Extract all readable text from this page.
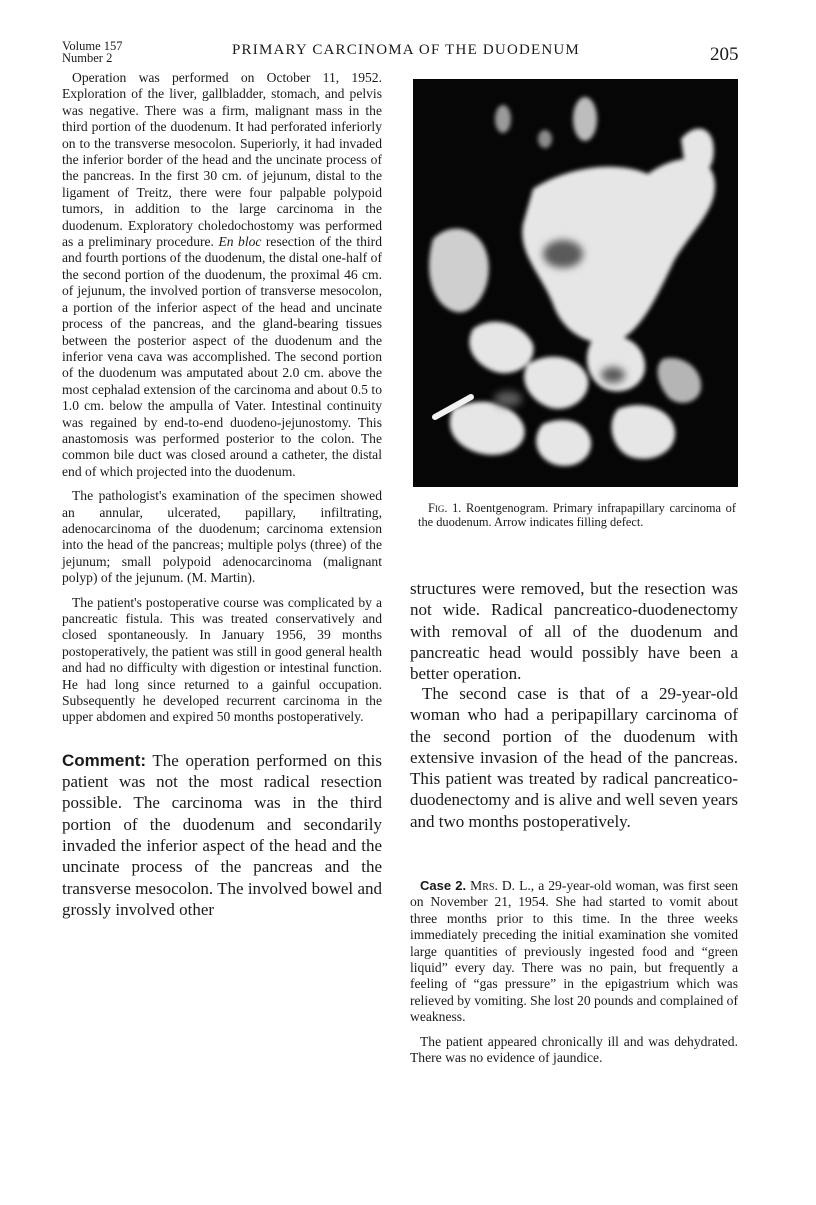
Volume 157
Number 2	PRIMARY CARCINOMA OF THE DUODENUM	205

Operation was performed on October 11, 1952. Exploration of the liver, gallbladder, stomach, and pelvis was negative. There was a firm, malignant mass in the third portion of the duodenum. It had perforated inferiorly on to the transverse mesocolon. Superiorly, it had invaded the inferior border of the head and the uncinate process of the pancreas. In the first 30 cm. of jejunum, distal to the ligament of Treitz, there were four palpable polypoid tumors, in addition to the large carcinoma in the duodenum. Exploratory choledochostomy was performed as a preliminary procedure. En bloc resection of the third and fourth portions of the duodenum, the distal one-half of the second portion of the duodenum, the proximal 46 cm. of jejunum, the involved portion of transverse mesocolon, a portion of the inferior aspect of the head and uncinate process of the pancreas, and the gland-bearing tissues between the posterior aspect of the duodenum and the inferior vena cava was accomplished. The second portion of the duodenum was amputated about 2.0 cm. above the most cephalad extension of the carcinoma and about 0.5 to 1.0 cm. below the ampulla of Vater. Intestinal continuity was regained by end-to-end duodeno-jejunostomy. This anastomosis was performed posterior to the colon. The common bile duct was closed around a catheter, the distal end of which projected into the duodenum.

The pathologist's examination of the specimen showed an annular, ulcerated, papillary, infiltrating, adenocarcinoma of the duodenum; carcinoma extension into the head of the pancreas; multiple polys (three) of the jejunum; small polypoid adenocarcinoma (malignant polyp) of the jejunum. (M. Martin).

The patient's postoperative course was complicated by a pancreatic fistula. This was treated conservatively and closed spontaneously. In January 1956, 39 months postoperatively, the patient was still in good general health and had no difficulty with digestion or intestinal function. He had long since returned to a gainful occupation. Subsequently he developed recurrent carcinoma in the upper abdomen and expired 50 months postoperatively.

Comment: The operation performed on this patient was not the most radical resection possible. The carcinoma was in the third portion of the duodenum and secondarily invaded the inferior aspect of the head and the uncinate process of the pancreas and the transverse mesocolon. The involved bowel and grossly involved other

Fig. 1. Roentgenogram. Primary infrapapillary carcinoma of the duodenum. Arrow indicates filling defect.

structures were removed, but the resection was not wide. Radical pancreatico-duodenectomy with removal of all of the duodenum and pancreatic head would possibly have been a better operation.

The second case is that of a 29-year-old woman who had a peripapillary carcinoma of the second portion of the duodenum with extensive invasion of the head of the pancreas. This patient was treated by radical pancreatico-duodenectomy and is alive and well seven years and two months postoperatively.

Case 2. Mrs. D. L., a 29-year-old woman, was first seen on November 21, 1954. She had started to vomit about three months prior to this time. In the three weeks immediately preceding the initial examination she vomited large quantities of previously ingested food and “green liquid” every day. There was no pain, but frequently a feeling of “gas pressure” in the epigastrium which was relieved by vomiting. She lost 20 pounds and complained of weakness.

The patient appeared chronically ill and was dehydrated. There was no evidence of jaundice.
